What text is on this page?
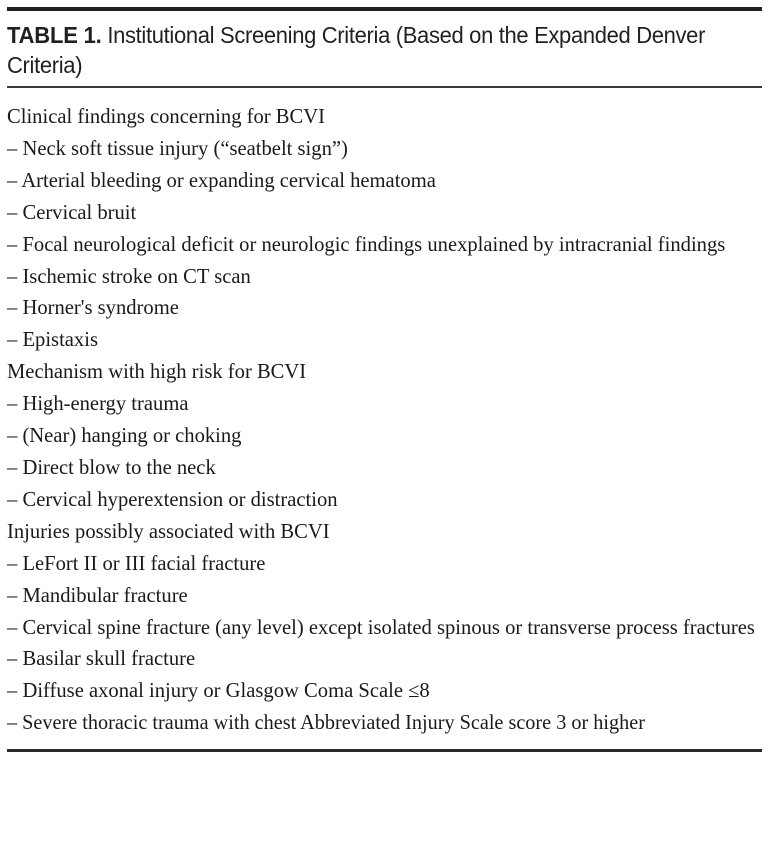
TABLE 1. Institutional Screening Criteria (Based on the Expanded Denver Criteria)
Clinical findings concerning for BCVI
– Neck soft tissue injury (“seatbelt sign”)
– Arterial bleeding or expanding cervical hematoma
– Cervical bruit
– Focal neurological deficit or neurologic findings unexplained by intracranial findings
– Ischemic stroke on CT scan
– Horner's syndrome
– Epistaxis
Mechanism with high risk for BCVI
– High-energy trauma
– (Near) hanging or choking
– Direct blow to the neck
– Cervical hyperextension or distraction
Injuries possibly associated with BCVI
– LeFort II or III facial fracture
– Mandibular fracture
– Cervical spine fracture (any level) except isolated spinous or transverse process fractures
– Basilar skull fracture
– Diffuse axonal injury or Glasgow Coma Scale ≤8
– Severe thoracic trauma with chest Abbreviated Injury Scale score 3 or higher
